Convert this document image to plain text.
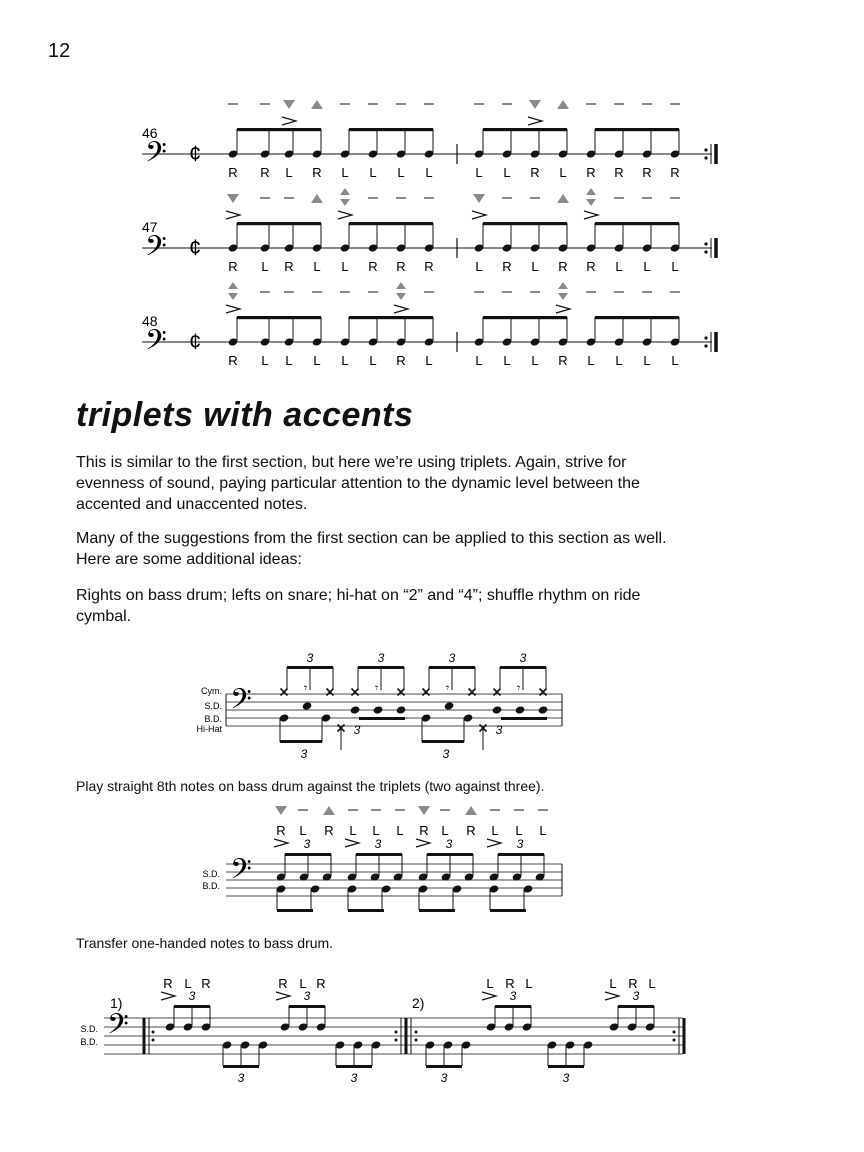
12
46
𝄢 ¢
R R L R L L L L	L L R L R R R R
47
𝄢 ¢
R L R L L R R R	L R L R R L L L
48
𝄢 ¢
R L L L L L R L	L L L R L L L L
triplets with accents
This is similar to the first section, but here we’re using triplets. Again, strive for evenness of sound, paying particular attention to the dynamic level between the accented and unaccented notes.
Many of the suggestions from the first section can be applied to this section as well. Here are some additional ideas:
Rights on bass drum; lefts on snare; hi-hat on “2” and “4”; shuffle rhythm on ride cymbal.
Cym.
S.D.
B.D.
Hi-Hat
𝄢	𝄾
3
3
𝄾
3
3
𝄾
3
3
𝄾
3
3
R L R L L L R L R L L L
S.D.
B.D. 𝄢
3	3	3	3
S.D.
B.D. 𝄢
1)	3
3
3
3
R L R	R L R
2)
3
3
3
3
L R L	L R L
Play straight 8th notes on bass drum against the triplets (two against three).
Transfer one-handed notes to bass drum.
